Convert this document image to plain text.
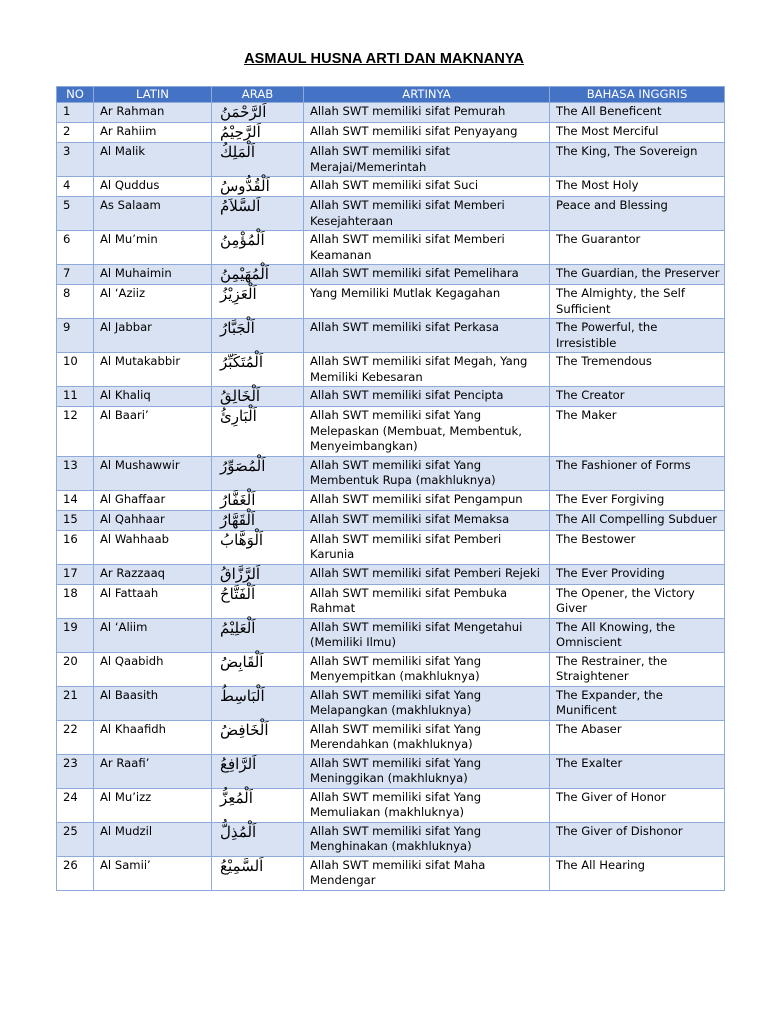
ASMAUL HUSNA ARTI DAN MAKNANYA
NO	LATIN	ARAB	ARTINYA	BAHASA INGGRIS
1	Ar Rahman	اَلرَّحْمَنُ	Allah SWT memiliki sifat Pemurah	The All Beneficent
2	Ar Rahiim	اَلرَّحِيْمُ	Allah SWT memiliki sifat Penyayang	The Most Merciful
3	Al Malik	اَلْمَلِكُ	Allah SWT memiliki sifat Merajai/Memerintah	The King, The Sovereign
4	Al Quddus	اَلْقُدُّوسُ	Allah SWT memiliki sifat Suci	The Most Holy
5	As Salaam	اَلسَّلاَمُ	Allah SWT memiliki sifat Memberi Kesejahteraan	Peace and Blessing
6	Al Mu’min	اَلْمُؤْمِنُ	Allah SWT memiliki sifat Memberi Keamanan	The Guarantor
7	Al Muhaimin	اَلْمُهَيْمِنُ	Allah SWT memiliki sifat Pemelihara	The Guardian, the Preserver
8	Al ‘Aziiz	اَلْعَزِيْزُ	Yang Memiliki Mutlak Kegagahan	The Almighty, the Self Sufficient
9	Al Jabbar	اَلْجَبَّارُ	Allah SWT memiliki sifat Perkasa	The Powerful, the Irresistible
10	Al Mutakabbir	اَلْمُتَكَبِّرُ	Allah SWT memiliki sifat Megah, Yang Memiliki Kebesaran	The Tremendous
11	Al Khaliq	اَلْخَالِقُ	Allah SWT memiliki sifat Pencipta	The Creator
12	Al Baari’	اَلْبَارِئُ	Allah SWT memiliki sifat Yang Melepaskan (Membuat, Membentuk, Menyeimbangkan)	The Maker
13	Al Mushawwir	اَلْمُصَوِّرُ	Allah SWT memiliki sifat Yang Membentuk Rupa (makhluknya)	The Fashioner of Forms
14	Al Ghaffaar	اَلْغَفَّارُ	Allah SWT memiliki sifat Pengampun	The Ever Forgiving
15	Al Qahhaar	اَلْقَهَّارُ	Allah SWT memiliki sifat Memaksa	The All Compelling Subduer
16	Al Wahhaab	اَلْوَهَّابُ	Allah SWT memiliki sifat Pemberi Karunia	The Bestower
17	Ar Razzaaq	اَلرَّزَّاقُ	Allah SWT memiliki sifat Pemberi Rejeki	The Ever Providing
18	Al Fattaah	اَلْفَتَّاحُ	Allah SWT memiliki sifat Pembuka Rahmat	The Opener, the Victory Giver
19	Al ‘Aliim	اَلْعَلِيْمُ	Allah SWT memiliki sifat Mengetahui (Memiliki Ilmu)	The All Knowing, the Omniscient
20	Al Qaabidh	اَلْقَابِضُ	Allah SWT memiliki sifat Yang Menyempitkan (makhluknya)	The Restrainer, the Straightener
21	Al Baasith	اَلْبَاسِطُ	Allah SWT memiliki sifat Yang Melapangkan (makhluknya)	The Expander, the Munificent
22	Al Khaafidh	اَلْخَافِضُ	Allah SWT memiliki sifat Yang Merendahkan (makhluknya)	The Abaser
23	Ar Raafi’	اَلرَّافِعُ	Allah SWT memiliki sifat Yang Meninggikan (makhluknya)	The Exalter
24	Al Mu’izz	اَلْمُعِزُّ	Allah SWT memiliki sifat Yang Memuliakan (makhluknya)	The Giver of Honor
25	Al Mudzil	اَلْمُذِلُّ	Allah SWT memiliki sifat Yang Menghinakan (makhluknya)	The Giver of Dishonor
26	Al Samii’	اَلسَّمِيْعُ	Allah SWT memiliki sifat Maha Mendengar	The All Hearing
